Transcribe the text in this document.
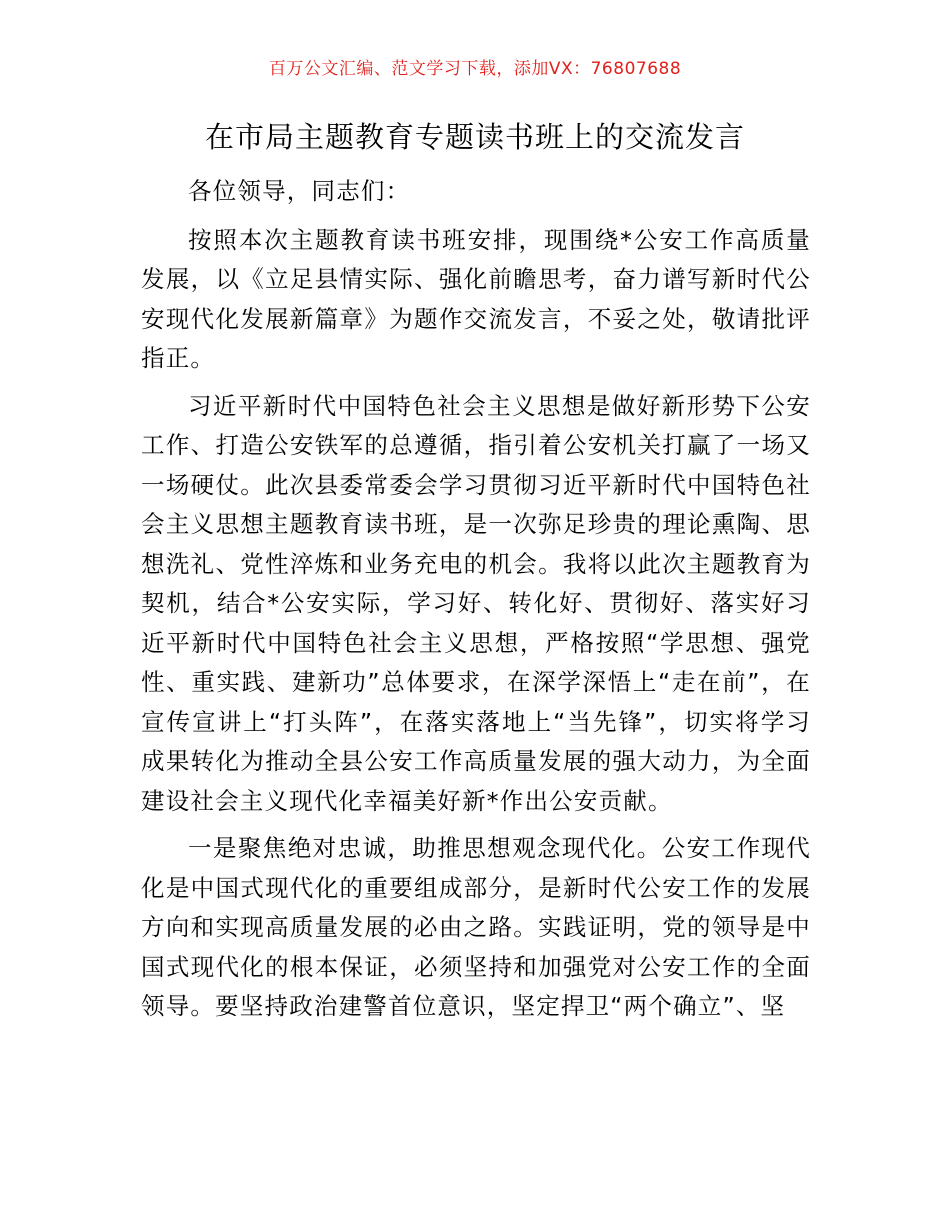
百万公文汇编、范文学习下载，添加VX：76807688
在市局主题教育专题读书班上的交流发言

各位领导，同志们：

按照本次主题教育读书班安排，现围绕*公安工作高质量发展，以《立足县情实际、强化前瞻思考，奋力谱写新时代公安现代化发展新篇章》为题作交流发言，不妥之处，敬请批评指正。

习近平新时代中国特色社会主义思想是做好新形势下公安工作、打造公安铁军的总遵循，指引着公安机关打赢了一场又一场硬仗。此次县委常委会学习贯彻习近平新时代中国特色社会主义思想主题教育读书班，是一次弥足珍贵的理论熏陶、思想洗礼、党性淬炼和业务充电的机会。我将以此次主题教育为契机，结合*公安实际，学习好、转化好、贯彻好、落实好习近平新时代中国特色社会主义思想，严格按照“学思想、强党性、重实践、建新功”总体要求，在深学深悟上“走在前”，在宣传宣讲上“打头阵”，在落实落地上“当先锋”，切实将学习成果转化为推动全县公安工作高质量发展的强大动力，为全面建设社会主义现代化幸福美好新*作出公安贡献。

一是聚焦绝对忠诚，助推思想观念现代化。公安工作现代化是中国式现代化的重要组成部分，是新时代公安工作的发展方向和实现高质量发展的必由之路。实践证明，党的领导是中国式现代化的根本保证，必须坚持和加强党对公安工作的全面领导。要坚持政治建警首位意识，坚定捍卫“两个确立”、坚
